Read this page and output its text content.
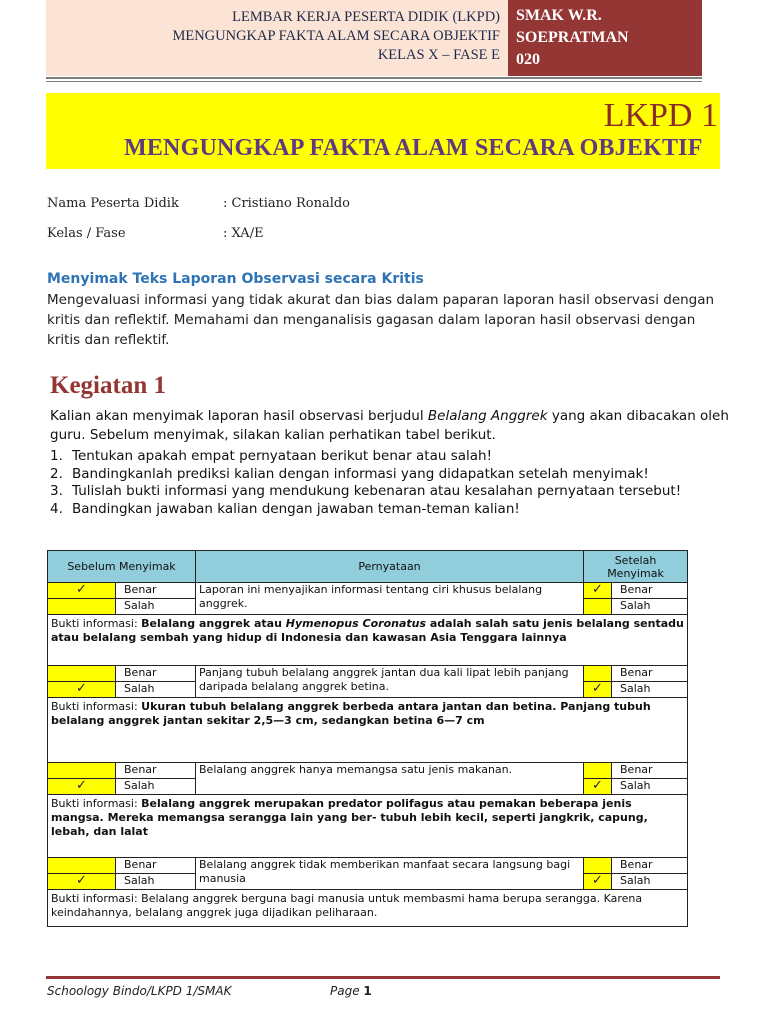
LEMBAR KERJA PESERTA DIDIK (LKPD)
MENGUNGKAP FAKTA ALAM SECARA OBJEKTIF
KELAS X – FASE E
SMAK W.R.
SOEPRATMAN
020
LKPD 1
MENGUNGKAP FAKTA ALAM SECARA OBJEKTIF
Nama Peserta Didik	: Cristiano Ronaldo
Kelas / Fase	: XA/E
Menyimak Teks Laporan Observasi secara Kritis
Mengevaluasi informasi yang tidak akurat dan bias dalam paparan laporan hasil observasi dengan kritis dan reflektif. Memahami dan menganalisis gagasan dalam laporan hasil observasi dengan kritis dan reflektif.
Kegiatan 1
Kalian akan menyimak laporan hasil observasi berjudul Belalang Anggrek yang akan dibacakan oleh guru. Sebelum menyimak, silakan kalian perhatikan tabel berikut.
1. Tentukan apakah empat pernyataan berikut benar atau salah!
2. Bandingkanlah prediksi kalian dengan informasi yang didapatkan setelah menyimak!
3. Tulislah bukti informasi yang mendukung kebenaran atau kesalahan pernyataan tersebut!
4. Bandingkan jawaban kalian dengan jawaban teman-teman kalian!
Sebelum Menyimak		Pernyataan	Setelah Menyimak	
✓	Benar	Laporan ini menyajikan informasi tentang ciri khusus belalang anggrek.	✓	Benar
	Salah			Salah
Bukti informasi: Belalang anggrek atau Hymenopus Coronatus adalah salah satu jenis belalang sentadu atau belalang sembah yang hidup di Indonesia dan kawasan Asia Tenggara lainnya				
	Benar	Panjang tubuh belalang anggrek jantan dua kali lipat lebih panjang daripada belalang anggrek betina.		Benar
✓	Salah		✓	Salah
Bukti informasi: Ukuran tubuh belalang anggrek berbeda antara jantan dan betina. Panjang tubuh belalang anggrek jantan sekitar 2,5—3 cm, sedangkan betina 6—7 cm				
	Benar	Belalang anggrek hanya memangsa satu jenis makanan.		Benar
✓	Salah		✓	Salah
Bukti informasi: Belalang anggrek merupakan predator polifagus atau pemakan beberapa jenis mangsa. Mereka memangsa serangga lain yang ber- tubuh lebih kecil, seperti jangkrik, capung, lebah, dan lalat				
	Benar	Belalang anggrek tidak memberikan manfaat secara langsung bagi manusia		Benar
✓	Salah		✓	Salah
Bukti informasi: Belalang anggrek berguna bagi manusia untuk membasmi hama berupa serangga. Karena keindahannya, belalang anggrek juga dijadikan peliharaan.				
Schoology Bindo/LKPD 1/SMAK	Page 1
